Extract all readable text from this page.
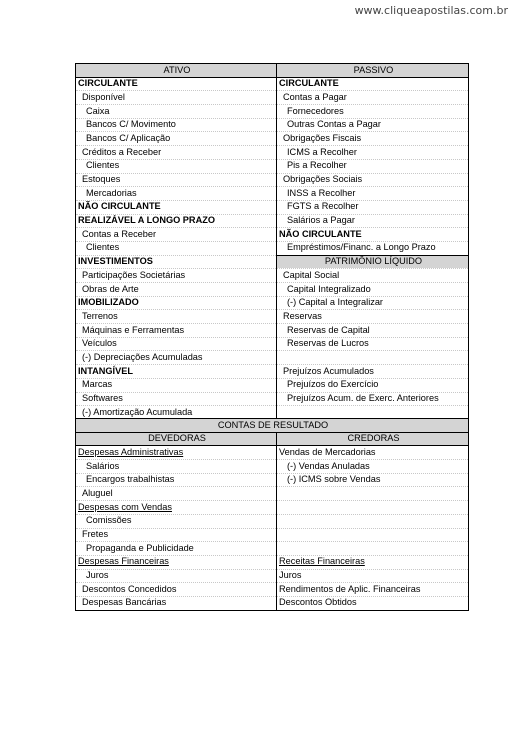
www.cliqueapostilas.com.br
ATIVO	PASSIVO
CIRCULANTE	CIRCULANTE
Disponível	Contas a Pagar
Caixa	Fornecedores
Bancos C/ Movimento	Outras Contas a Pagar
Bancos C/ Aplicação	Obrigações Fiscais
Créditos a Receber	ICMS a Recolher
Clientes	Pis a Recolher
Estoques	Obrigações Sociais
Mercadorias	INSS a Recolher
NÃO CIRCULANTE	FGTS a Recolher
REALIZÁVEL A LONGO PRAZO	Salários a Pagar
Contas a Receber	NÃO CIRCULANTE
Clientes	Empréstimos/Financ. a Longo Prazo
INVESTIMENTOS	PATRIMÔNIO LÍQUIDO
Participações Societárias	Capital Social
Obras de Arte	Capital Integralizado
IMOBILIZADO	(-) Capital a Integralizar
Terrenos	Reservas
Máquinas e Ferramentas	Reservas de Capital
Veículos	Reservas de Lucros
(-) Depreciações Acumuladas	
INTANGÍVEL	Prejuízos Acumulados
Marcas	Prejuízos do Exercício
Softwares	Prejuízos Acum. de Exerc. Anteriores
(-) Amortização Acumulada	
CONTAS DE RESULTADO	
DEVEDORAS	CREDORAS
Despesas Administrativas	Vendas de Mercadorias
Salários	(-) Vendas Anuladas
Encargos trabalhistas	(-) ICMS sobre Vendas
Aluguel	
Despesas com Vendas	
Comissões	
Fretes	
Propaganda e Publicidade	
Despesas Financeiras	Receitas Financeiras
Juros	Juros
Descontos Concedidos	Rendimentos de Aplic. Financeiras
Despesas Bancárias	Descontos Obtidos
